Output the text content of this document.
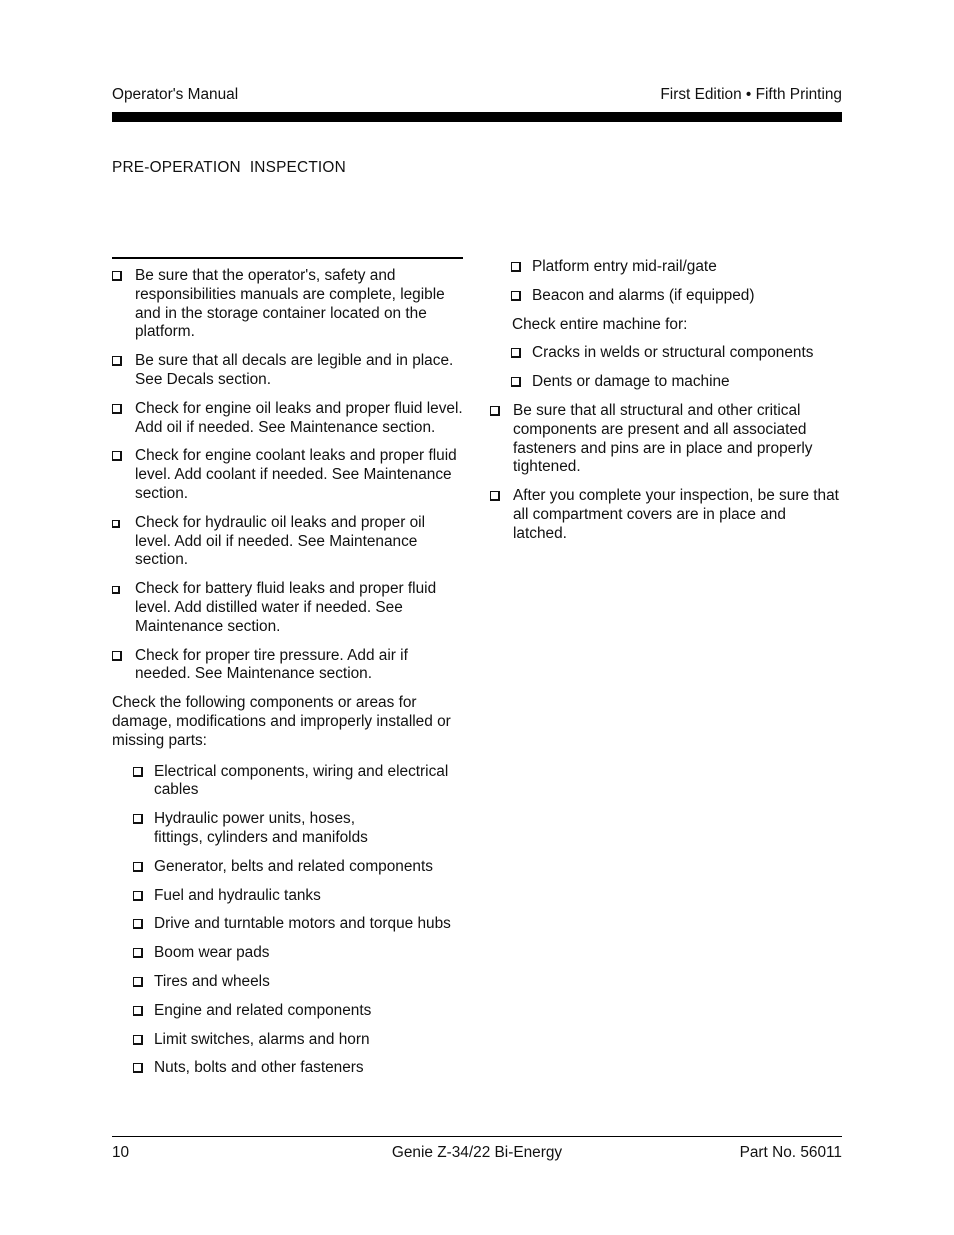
Operator's Manual	First Edition • Fifth Printing
PRE-OPERATION  INSPECTION
Be sure that the operator's, safety and responsibilities manuals are complete, legible and in the storage container located on the platform.
Be sure that all decals are legible and in place. See Decals section.
Check for engine oil leaks and proper fluid level. Add oil if needed. See Maintenance section.
Check for engine coolant leaks and proper fluid level. Add coolant if needed. See Maintenance section.
Check for hydraulic oil leaks and proper oil level. Add oil if needed. See Maintenance section.
Check for battery fluid leaks and proper fluid level. Add distilled water if needed. See Maintenance section.
Check for proper tire pressure. Add air if needed. See Maintenance section.
Check the following components or areas for damage, modifications and improperly installed or missing parts:
Electrical components, wiring and electrical cables
Hydraulic power units, hoses, fittings, cylinders and manifolds
Generator, belts and related components
Fuel and hydraulic tanks
Drive and turntable motors and torque hubs
Boom wear pads
Tires and wheels
Engine and related components
Limit switches, alarms and horn
Nuts, bolts and other fasteners
Platform entry mid-rail/gate
Beacon and alarms (if equipped)
Check entire machine for:
Cracks in welds or structural components
Dents or damage to machine
Be sure that all structural and other critical components are present and all associated fasteners and pins are in place and properly tightened.
After you complete your inspection, be sure that all compartment covers are in place and latched.
10	Genie Z-34/22 Bi-Energy	Part No. 56011
